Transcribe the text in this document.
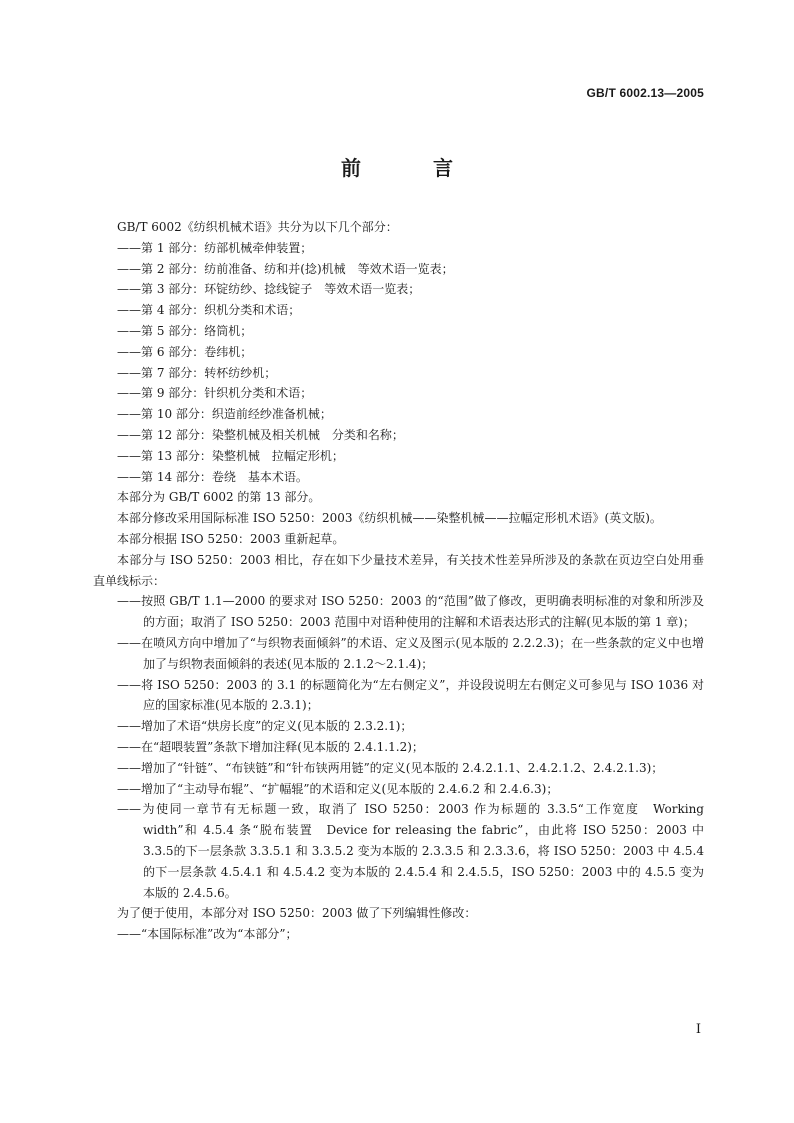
GB/T 6002.13—2005
前　言
GB/T 6002《纺织机械术语》共分为以下几个部分：
——第 1 部分：纺部机械牵伸装置；
——第 2 部分：纺前准备、纺和并(捻)机械　等效术语一览表；
——第 3 部分：环锭纺纱、捻线锭子　等效术语一览表；
——第 4 部分：织机分类和术语；
——第 5 部分：络筒机；
——第 6 部分：卷纬机；
——第 7 部分：转杯纺纱机；
——第 9 部分：针织机分类和术语；
——第 10 部分：织造前经纱准备机械；
——第 12 部分：染整机械及相关机械　分类和名称；
——第 13 部分：染整机械　拉幅定形机；
——第 14 部分：卷绕　基本术语。
本部分为 GB/T 6002 的第 13 部分。
本部分修改采用国际标准 ISO 5250：2003《纺织机械——染整机械——拉幅定形机术语》(英文版)。
本部分根据 ISO 5250：2003 重新起草。
本部分与 ISO 5250：2003 相比，存在如下少量技术差异，有关技术性差异所涉及的条款在页边空白处用垂直单线标示：
——按照 GB/T 1.1—2000 的要求对 ISO 5250：2003 的“范围”做了修改，更明确表明标准的对象和所涉及的方面；取消了 ISO 5250：2003 范围中对语种使用的注解和术语表达形式的注解(见本版的第 1 章)；
——在喷风方向中增加了“与织物表面倾斜”的术语、定义及图示(见本版的 2.2.2.3)；在一些条款的定义中也增加了与织物表面倾斜的表述(见本版的 2.1.2～2.1.4)；
——将 ISO 5250：2003 的 3.1 的标题简化为“左右侧定义”，并设段说明左右侧定义可参见与 ISO 1036 对应的国家标准(见本版的 2.3.1)；
——增加了术语“烘房长度”的定义(见本版的 2.3.2.1)；
——在“超喂装置”条款下增加注释(见本版的 2.4.1.1.2)；
——增加了“针链”、“布铗链”和“针布铗两用链”的定义(见本版的 2.4.2.1.1、2.4.2.1.2、2.4.2.1.3)；
——增加了“主动导布辊”、“扩幅辊”的术语和定义(见本版的 2.4.6.2 和 2.4.6.3)；
——为使同一章节有无标题一致，取消了 ISO 5250：2003 作为标题的 3.3.5“工作宽度　Working width”和 4.5.4 条“脱布装置　Device for releasing the fabric”，由此将 ISO 5250：2003 中 3.3.5的下一层条款 3.3.5.1 和 3.3.5.2 变为本版的 2.3.3.5 和 2.3.3.6，将 ISO 5250：2003 中 4.5.4 的下一层条款 4.5.4.1 和 4.5.4.2 变为本版的 2.4.5.4 和 2.4.5.5，ISO 5250：2003 中的 4.5.5 变为本版的 2.4.5.6。
为了便于使用，本部分对 ISO 5250：2003 做了下列编辑性修改：
——“本国际标准”改为“本部分”；
I
